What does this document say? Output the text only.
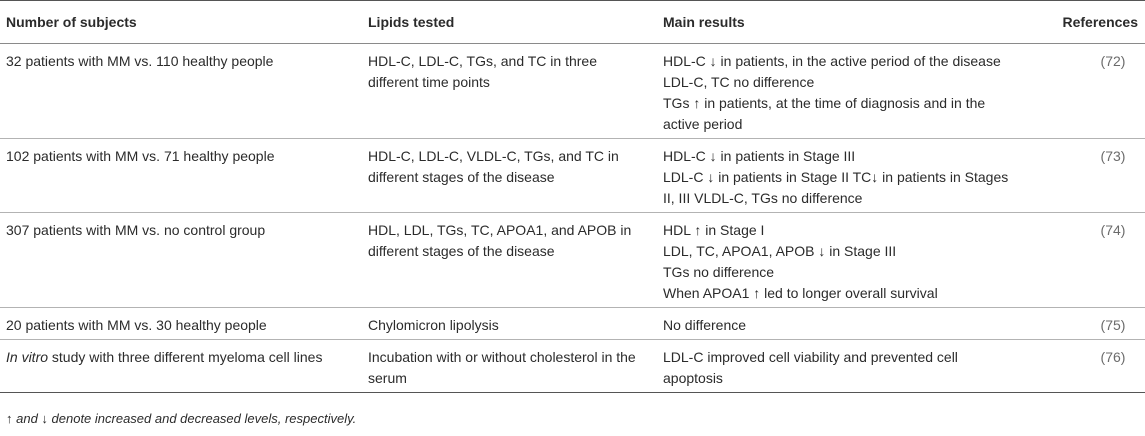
Number of subjects	Lipids tested	Main results	References
32 patients with MM vs. 110 healthy people	HDL-C, LDL-C, TGs, and TC in three different time points	HDL-C ↓ in patients, in the active period of the disease
LDL-C, TC no difference
TGs ↑ in patients, at the time of diagnosis and in the active period	(72)
102 patients with MM vs. 71 healthy people	HDL-C, LDL-C, VLDL-C, TGs, and TC in different stages of the disease	HDL-C ↓ in patients in Stage III
LDL-C ↓ in patients in Stage II TC↓ in patients in Stages II, III VLDL-C, TGs no difference	(73)
307 patients with MM vs. no control group	HDL, LDL, TGs, TC, APOA1, and APOB in different stages of the disease	HDL ↑ in Stage I
LDL, TC, APOA1, APOB ↓ in Stage III
TGs no difference
When APOA1 ↑ led to longer overall survival	(74)
20 patients with MM vs. 30 healthy people	Chylomicron lipolysis	No difference	(75)
In vitro study with three different myeloma cell lines	Incubation with or without cholesterol in the serum	LDL-C improved cell viability and prevented cell apoptosis	(76)
↑ and ↓ denote increased and decreased levels, respectively.
